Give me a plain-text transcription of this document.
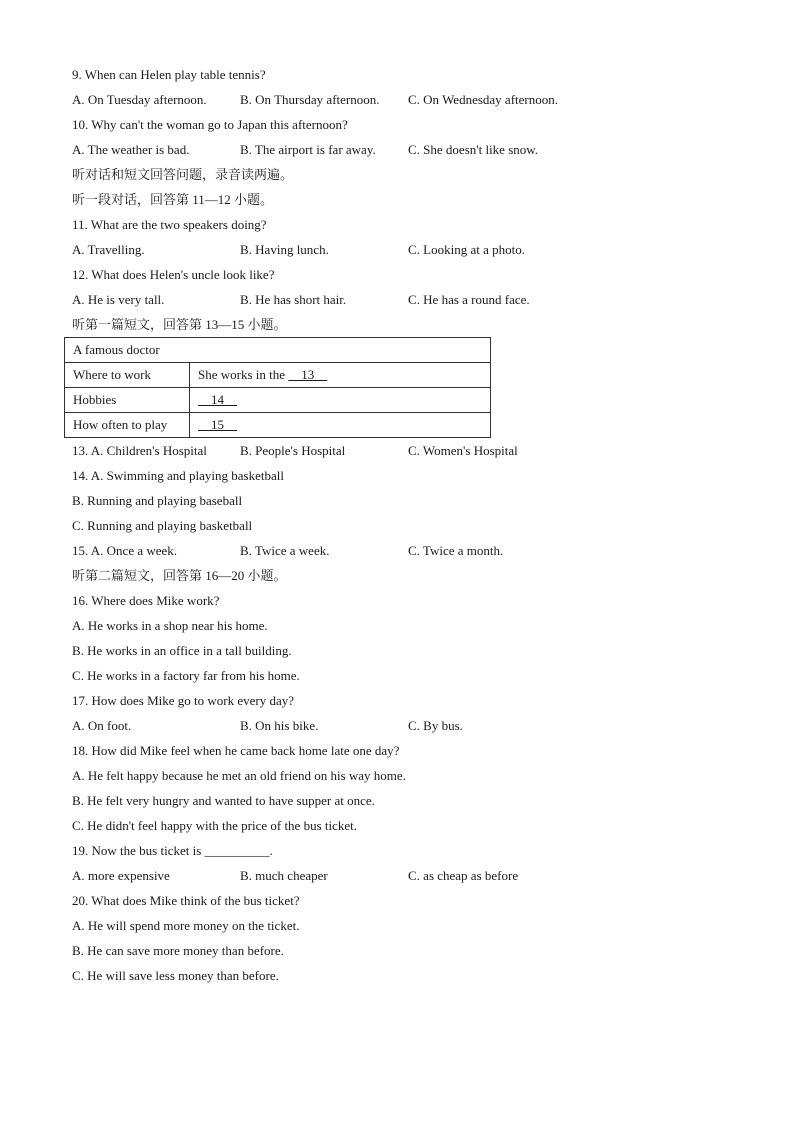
9. When can Helen play table tennis?
A. On Tuesday afternoon.	B. On Thursday afternoon. C. On Wednesday afternoon.
10. Why can't the woman go to Japan this afternoon?
A. The weather is bad.	B. The airport is far away. C. She doesn't like snow.
听对话和短文回答问题，录音读两遍。
听一段对话，回答第 11—12 小题。
11. What are the two speakers doing?
A. Travelling.	B. Having lunch.	C. Looking at a photo.
12. What does Helen's uncle look like?
A. He is very tall.	B. He has short hair.	C. He has a round face.
听第一篇短文，回答第 13—15 小题。
A famous doctor	
Where to work	She works in the     13
Hobbies	14
How often to play	15
13. A. Children's Hospital	B. People's Hospital	C. Women's Hospital
14. A. Swimming and playing basketball
B. Running and playing baseball
C. Running and playing basketball
15. A. Once a week.	B. Twice a week.	C. Twice a month.
听第二篇短文，回答第 16—20 小题。
16. Where does Mike work?
A. He works in a shop near his home.
B. He works in an office in a tall building.
C. He works in a factory far from his home.
17. How does Mike go to work every day?
A. On foot.	B. On his bike.	C. By bus.
18. How did Mike feel when he came back home late one day?
A. He felt happy because he met an old friend on his way home.
B. He felt very hungry and wanted to have supper at once.
C. He didn't feel happy with the price of the bus ticket.
19. Now the bus ticket is __________.
A. more expensive	B. much cheaper	C. as cheap as before
20. What does Mike think of the bus ticket?
A. He will spend more money on the ticket.
B. He can save more money than before.
C. He will save less money than before.
